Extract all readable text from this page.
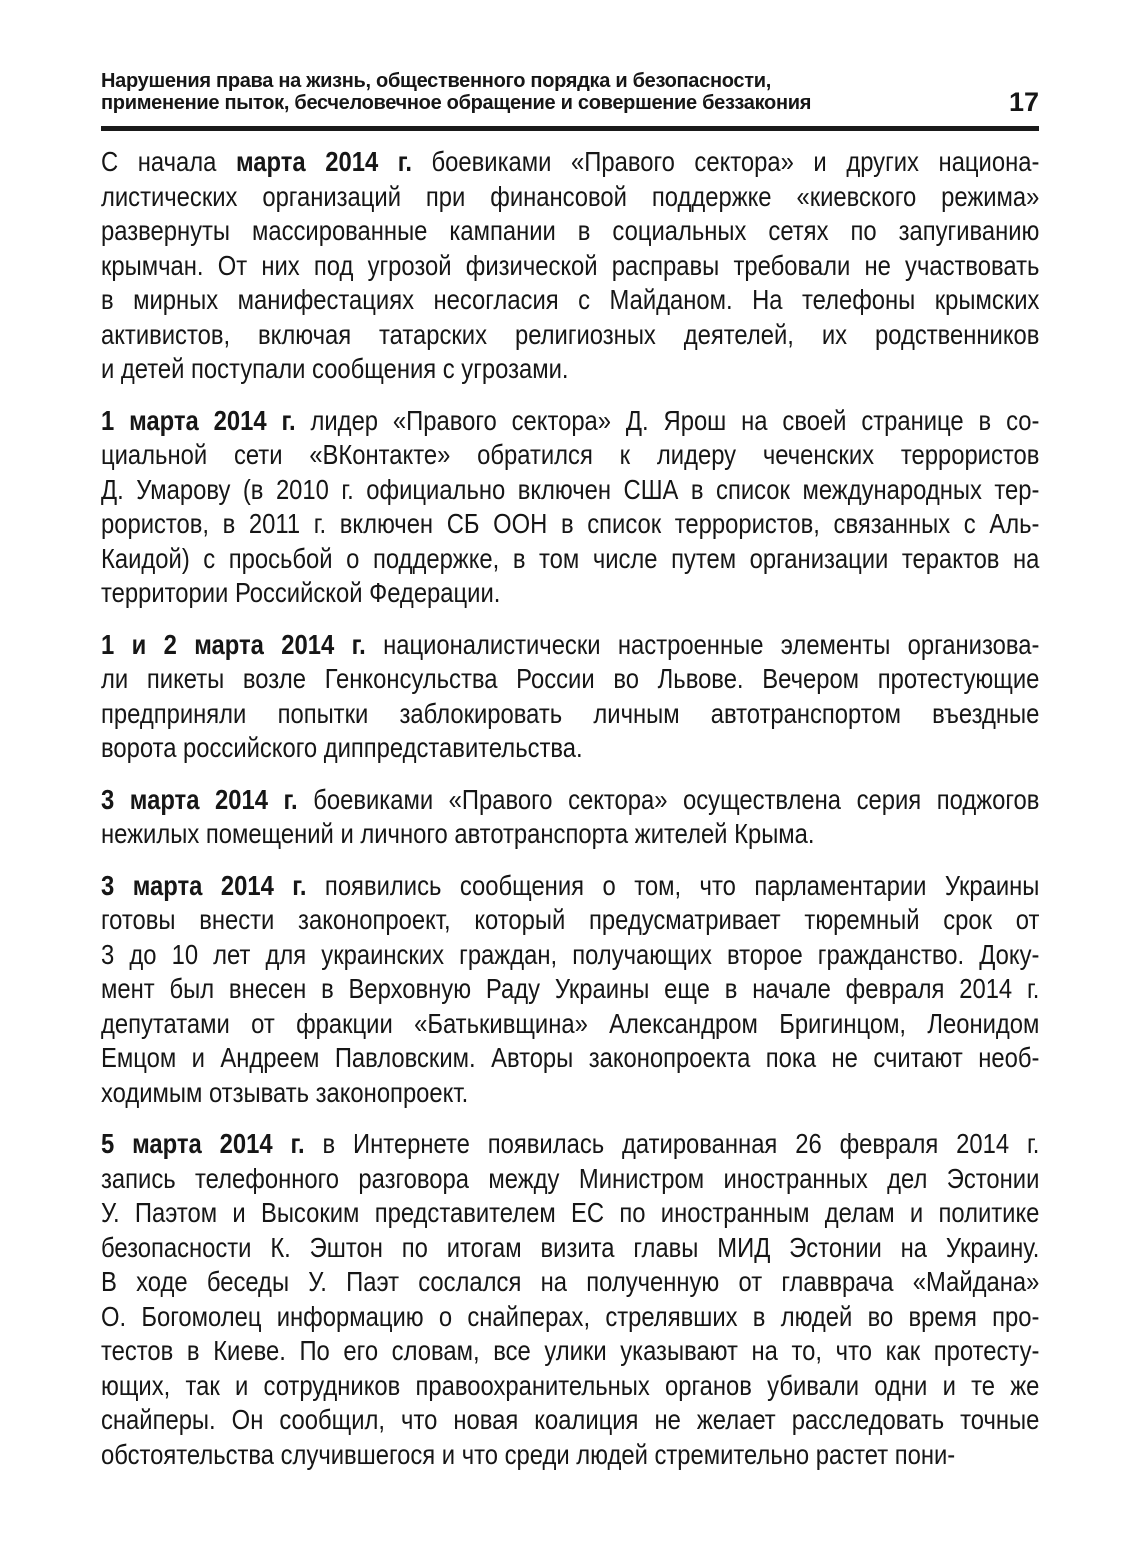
Нарушения права на жизнь, общественного порядка и безопасности,
применение пыток, бесчеловечное обращение и совершение беззакония	17
С начала марта 2014 г. боевиками «Правого сектора» и других национа-
листических организаций при финансовой поддержке «киевского режима»
развернуты массированные кампании в социальных сетях по запугиванию
крымчан. От них под угрозой физической расправы требовали не участвовать
в мирных манифестациях несогласия с Майданом. На телефоны крымских
активистов, включая татарских религиозных деятелей, их родственников
и детей поступали сообщения с угрозами.
1 марта 2014 г. лидер «Правого сектора» Д. Ярош на своей странице в со-
циальной сети «ВКонтакте» обратился к лидеру чеченских террористов
Д. Умарову (в 2010 г. официально включен США в список международных тер-
рористов, в 2011 г. включен СБ ООН в список террористов, связанных с Аль-
Каидой) с просьбой о поддержке, в том числе путем организации терактов на
территории Российской Федерации.
1 и 2 марта 2014 г. националистически настроенные элементы организова-
ли пикеты возле Генконсульства России во Львове. Вечером протестующие
предприняли попытки заблокировать личным автотранспортом въездные
ворота российского диппредставительства.
3 марта 2014 г. боевиками «Правого сектора» осуществлена серия поджогов
нежилых помещений и личного автотранспорта жителей Крыма.
3 марта 2014 г. появились сообщения о том, что парламентарии Украины
готовы внести законопроект, который предусматривает тюремный срок от
3 до 10 лет для украинских граждан, получающих второе гражданство. Доку-
мент был внесен в Верховную Раду Украины еще в начале февраля 2014 г.
депутатами от фракции «Батькивщина» Александром Бригинцом, Леонидом
Емцом и Андреем Павловским. Авторы законопроекта пока не считают необ-
ходимым отзывать законопроект.
5 марта 2014 г. в Интернете появилась датированная 26 февраля 2014 г.
запись телефонного разговора между Министром иностранных дел Эстонии
У. Паэтом и Высоким представителем ЕС по иностранным делам и политике
безопасности К. Эштон по итогам визита главы МИД Эстонии на Украину.
В ходе беседы У. Паэт сослался на полученную от главврача «Майдана»
О. Богомолец информацию о снайперах, стрелявших в людей во время про-
тестов в Киеве. По его словам, все улики указывают на то, что как протесту-
ющих, так и сотрудников правоохранительных органов убивали одни и те же
снайперы. Он сообщил, что новая коалиция не желает расследовать точные
обстоятельства случившегося и что среди людей стремительно растет пони-
